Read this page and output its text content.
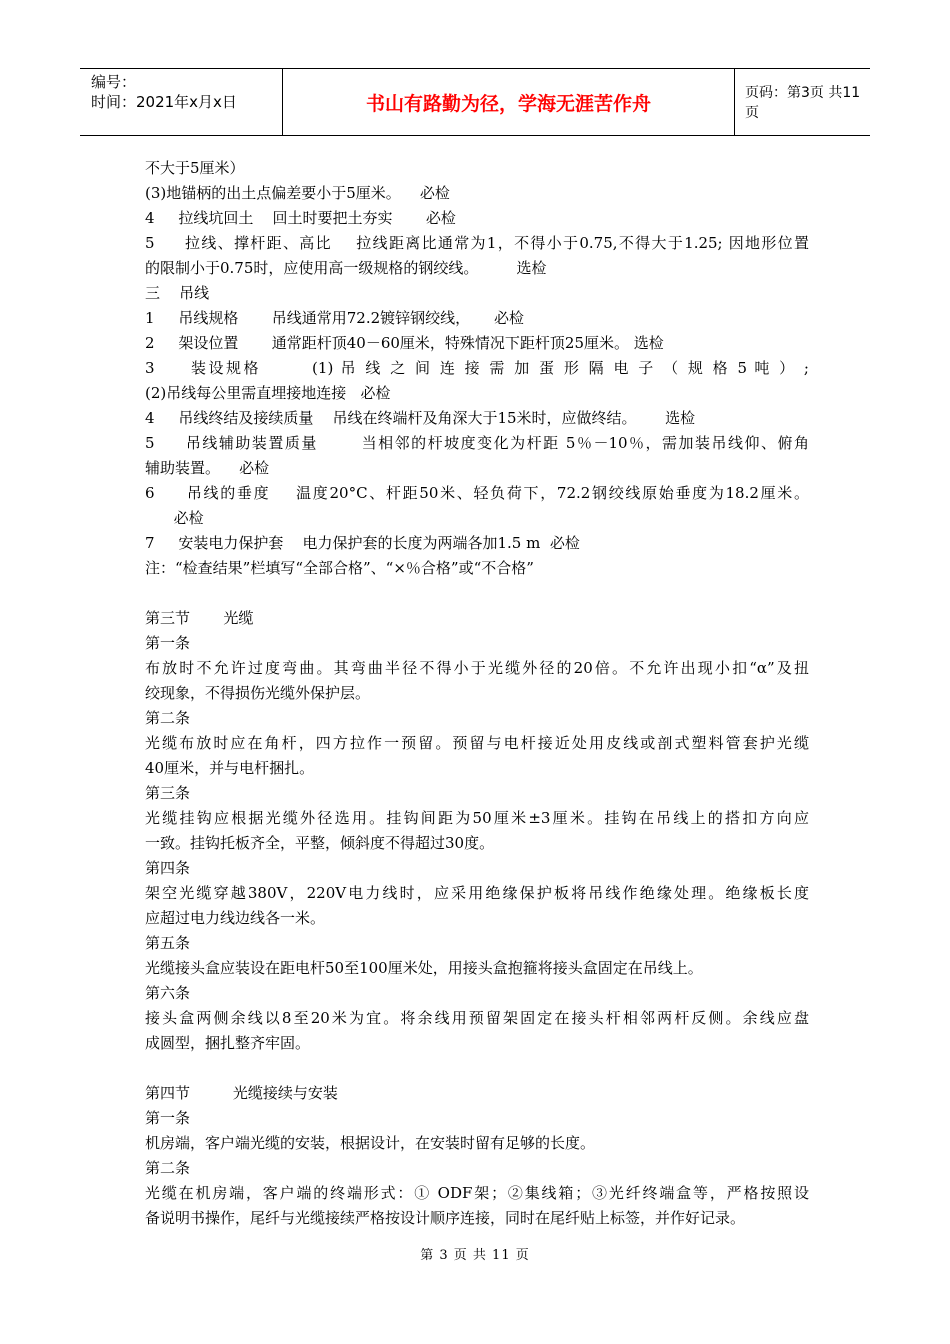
编号：
时间：2021年x月x日	书山有路勤为径，学海无涯苦作舟	页码：第3页 共11页

不大于5厘米）

(3)地锚柄的出土点偏差要小于5厘米。    必检

4     拉线坑回土    回土时要把土夯实       必检

5     拉线、撑杆距、高比    拉线距离比通常为1，不得小于0.75,不得大于1.25; 因地形位置

的限制小于0.75时，应使用高一级规格的钢绞线。        选检

三    吊线

1     吊线规格       吊线通常用72.2镀锌钢绞线，     必检

2     架设位置       通常距杆顶40－60厘米，特殊情况下距杆顶25厘米。 选检

3     装设规格       (1) 吊 线 之 间 连 接 需 加 蛋 形 隔 电 子 （ 规 格 5 吨 ） ;

(2)吊线每公里需直埋接地连接   必检

4     吊线终结及接续质量    吊线在终端杆及角深大于15米时，应做终结。      选检

5     吊线辅助装置质量       当相邻的杆坡度变化为杆距 5％－10％，需加装吊线仰、俯角

辅助装置。    必检

6     吊线的垂度    温度20°C、杆距50米、轻负荷下，72.2钢绞线原始垂度为18.2厘米。

必检

7     安装电力保护套    电力保护套的长度为两端各加1.5 m  必检

注：“检查结果”栏填写“全部合格”、“×％合格”或“不合格”

第三节       光缆

第一条

布放时不允许过度弯曲。其弯曲半径不得小于光缆外径的20倍。不允许出现小扣“α”及扭

绞现象，不得损伤光缆外保护层。

第二条

光缆布放时应在角杆，四方拉作一预留。预留与电杆接近处用皮线或剖式塑料管套护光缆

40厘米，并与电杆捆扎。

第三条

光缆挂钩应根据光缆外径选用。挂钩间距为50厘米±3厘米。挂钩在吊线上的搭扣方向应

一致。挂钩托板齐全，平整，倾斜度不得超过30度。

第四条

架空光缆穿越380V，220V电力线时，应采用绝缘保护板将吊线作绝缘处理。绝缘板长度

应超过电力线边线各一米。

第五条

光缆接头盒应装设在距电杆50至100厘米处，用接头盒抱箍将接头盒固定在吊线上。

第六条

接头盒两侧余线以8至20米为宜。将余线用预留架固定在接头杆相邻两杆反侧。余线应盘

成圆型，捆扎整齐牢固。

第四节         光缆接续与安装

第一条

机房端，客户端光缆的安装，根据设计，在安装时留有足够的长度。

第二条

光缆在机房端，客户端的终端形式：① ODF架；②集线箱；③光纤终端盒等，严格按照设

备说明书操作，尾纤与光缆接续严格按设计顺序连接，同时在尾纤贴上标签，并作好记录。

第 3 页 共 11 页
